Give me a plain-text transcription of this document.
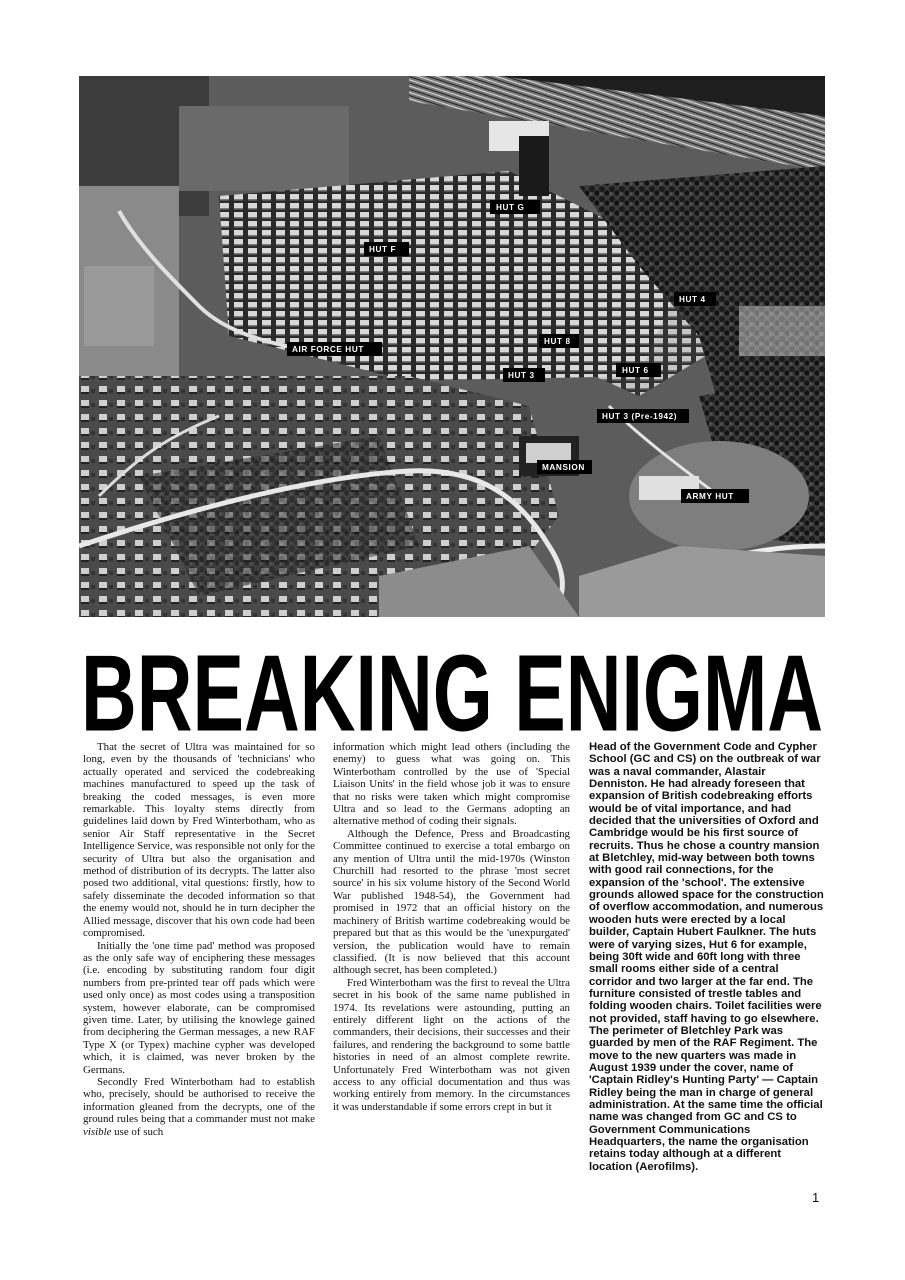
HUT G
HUT F
HUT 4
AIR FORCE HUT
HUT 8
HUT 6
HUT 3
HUT 3 (Pre-1942)
MANSION
ARMY HUT
BREAKING ENIGMA

That the secret of Ultra was maintained for so long, even by the thousands of 'technicians' who actually operated and serviced the codebreaking machines manufactured to speed up the task of breaking the coded messages, is even more remarkable. This loyalty stems directly from guidelines laid down by Fred Winterbotham, who as senior Air Staff representative in the Secret Intelligence Service, was responsible not only for the security of Ultra but also the organisation and method of distribution of its decrypts. The latter also posed two additional, vital questions: firstly, how to safely disseminate the decoded information so that the enemy would not, should he in turn decipher the Allied message, discover that his own code had been compromised.

Initially the 'one time pad' method was proposed as the only safe way of enciphering these messages (i.e. encoding by substituting random four digit numbers from pre-printed tear off pads which were used only once) as most codes using a transposition system, however elaborate, can be compromised given time. Later, by utilising the knowlege gained from deciphering the German messages, a new RAF Type X (or Typex) machine cypher was developed which, it is claimed, was never broken by the Germans.

Secondly Fred Winterbotham had to establish who, precisely, should be authorised to receive the information gleaned from the decrypts, one of the ground rules being that a commander must not make visible use of such

information which might lead others (including the enemy) to guess what was going on. This Winterbotham controlled by the use of 'Special Liaison Units' in the field whose job it was to ensure that no risks were taken which might compromise Ultra and so lead to the Germans adopting an alternative method of coding their signals.

Although the Defence, Press and Broadcasting Committee continued to exercise a total embargo on any mention of Ultra until the mid-1970s (Winston Churchill had resorted to the phrase 'most secret source' in his six volume history of the Second World War published 1948-54), the Government had promised in 1972 that an official history on the machinery of British wartime codebreaking would be prepared but that as this would be the 'unexpurgated' version, the publication would have to remain classified. (It is now believed that this account although secret, has been completed.)

Fred Winterbotham was the first to reveal the Ultra secret in his book of the same name published in 1974. Its revelations were astounding, putting an entirely different light on the actions of the commanders, their decisions, their successes and their failures, and rendering the background to some battle histories in need of an almost complete rewrite. Unfortunately Fred Winterbotham was not given access to any official documentation and thus was working entirely from memory. In the circumstances it was understandable if some errors crept in but it

Head of the Government Code and Cypher School (GC and CS) on the outbreak of war was a naval commander, Alastair Denniston. He had already foreseen that expansion of British codebreaking efforts would be of vital importance, and had decided that the universities of Oxford and Cambridge would be his first source of recruits. Thus he chose a country mansion at Bletchley, mid-way between both towns with good rail connections, for the expansion of the 'school'. The extensive grounds allowed space for the construction of overflow accommodation, and numerous wooden huts were erected by a local builder, Captain Hubert Faulkner. The huts were of varying sizes, Hut 6 for example, being 30ft wide and 60ft long with three small rooms either side of a central corridor and two larger at the far end. The furniture consisted of trestle tables and folding wooden chairs. Toilet facilities were not provided, staff having to go elsewhere. The perimeter of Bletchley Park was guarded by men of the RAF Regiment. The move to the new quarters was made in August 1939 under the cover, name of 'Captain Ridley's Hunting Party' — Captain Ridley being the man in charge of general administration. At the same time the official name was changed from GC and CS to Government Communications Headquarters, the name the organisation retains today although at a different location (Aerofilms).

1
